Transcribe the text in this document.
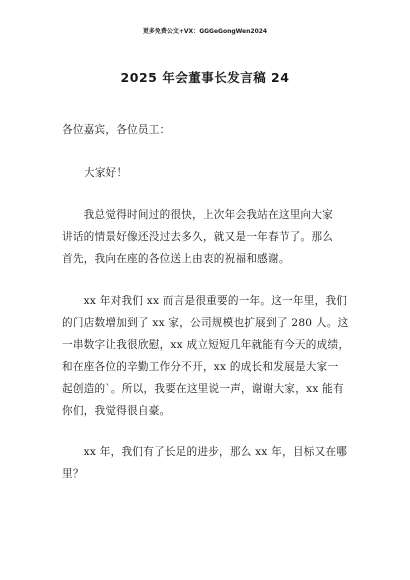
更多免费公文+VX：GGGeGongWen2024
2025 年会董事长发言稿 24
各位嘉宾，各位员工：
大家好！
　　我总觉得时间过的很快，上次年会我站在这里向大家
讲话的情景好像还没过去多久，就又是一年春节了。那么
首先，我向在座的各位送上由衷的祝福和感谢。
　　xx 年对我们 xx 而言是很重要的一年。这一年里，我们
的门店数增加到了 xx 家，公司规模也扩展到了 280 人。这
一串数字让我很欣慰，xx 成立短短几年就能有今天的成绩，
和在座各位的辛勤工作分不开，xx 的成长和发展是大家一
起创造的`。所以，我要在这里说一声，谢谢大家，xx 能有
你们，我觉得很自豪。
　　xx 年，我们有了长足的进步，那么 xx 年，目标又在哪
里？
